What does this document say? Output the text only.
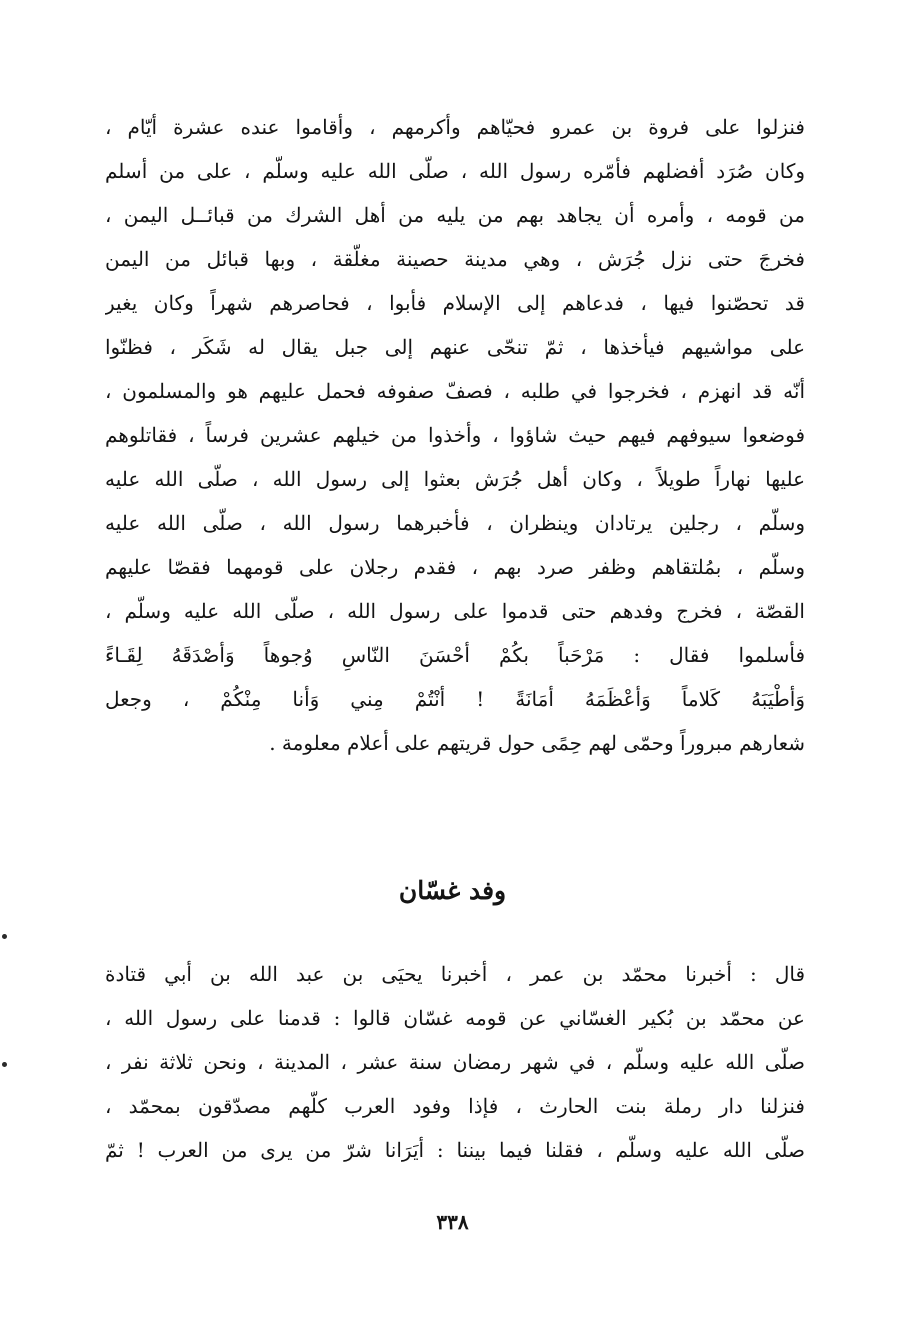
فنزلوا على فروة بن عمرو فحيّاهم وأكرمهم ، وأقاموا عنده عشرة أيّام ،
وكان صُرَد أفضلهم فأمّره رسول الله ، صلّى الله عليه وسلّم ، على من أسلم
من قومه ، وأمره أن يجاهد بهم من يليه من أهل الشرك من قبائــل اليمن ،
فخرجَ حتى نزل جُرَش ، وهي مدينة حصينة مغلّقة ، وبها قبائل من اليمن
قد تحصّنوا فيها ، فدعاهم إلى الإسلام فأبوا ، فحاصرهم شهراً وكان يغير
على مواشيهم فيأخذها ، ثمّ تنحّى عنهم إلى جبل يقال له شَكَر ، فظنّوا
أنّه قد انهزم ، فخرجوا في طلبه ، فصفّ صفوفه فحمل عليهم هو والمسلمون ،
فوضعوا سيوفهم فيهم حيث شاؤوا ، وأخذوا من خيلهم عشرين فرساً ، فقاتلوهم
عليها نهاراً طويلاً ، وكان أهل جُرَش بعثوا إلى رسول الله ، صلّى الله عليه
وسلّم ، رجلين يرتادان وينظران ، فأخبرهما رسول الله ، صلّى الله عليه
وسلّم ، بمُلتقاهم وظفر صرد بهم ، فقدم رجلان على قومهما فقصّا عليهم
القصّة ، فخرج وفدهم حتى قدموا على رسول الله ، صلّى الله عليه وسلّم ،
فأسلموا فقال : مَرْحَباً بكُمْ أحْسَنَ النّاسِ وُجوهاً وَأصْدَقَهُ لِقَـاءً
وَأطْيَبَهُ كَلاماً وَأعْظَمَهُ أمَانَةً ! أنْتُمْ مِني وَأنا مِنْكُمْ ، وجعل
شعارهم مبروراً وحمّى لهم حِمًى حول قريتهم على أعلام معلومة .
وفد غسّان
قال : أخبرنا محمّد بن عمر ، أخبرنا يحيَى بن عبد الله بن أبي قتادة
عن محمّد بن بُكير الغسّاني عن قومه غسّان قالوا : قدمنا على رسول الله ،
صلّى الله عليه وسلّم ، في شهر رمضان سنة عشر ، المدينة ، ونحن ثلاثة نفر ،
فنزلنا دار رملة بنت الحارث ، فإذا وفود العرب كلّهم مصدّقون بمحمّد ،
صلّى الله عليه وسلّم ، فقلنا فيما بيننا : أيَرَانا شرّ من يرى من العرب ! ثمّ
٣٣٨
